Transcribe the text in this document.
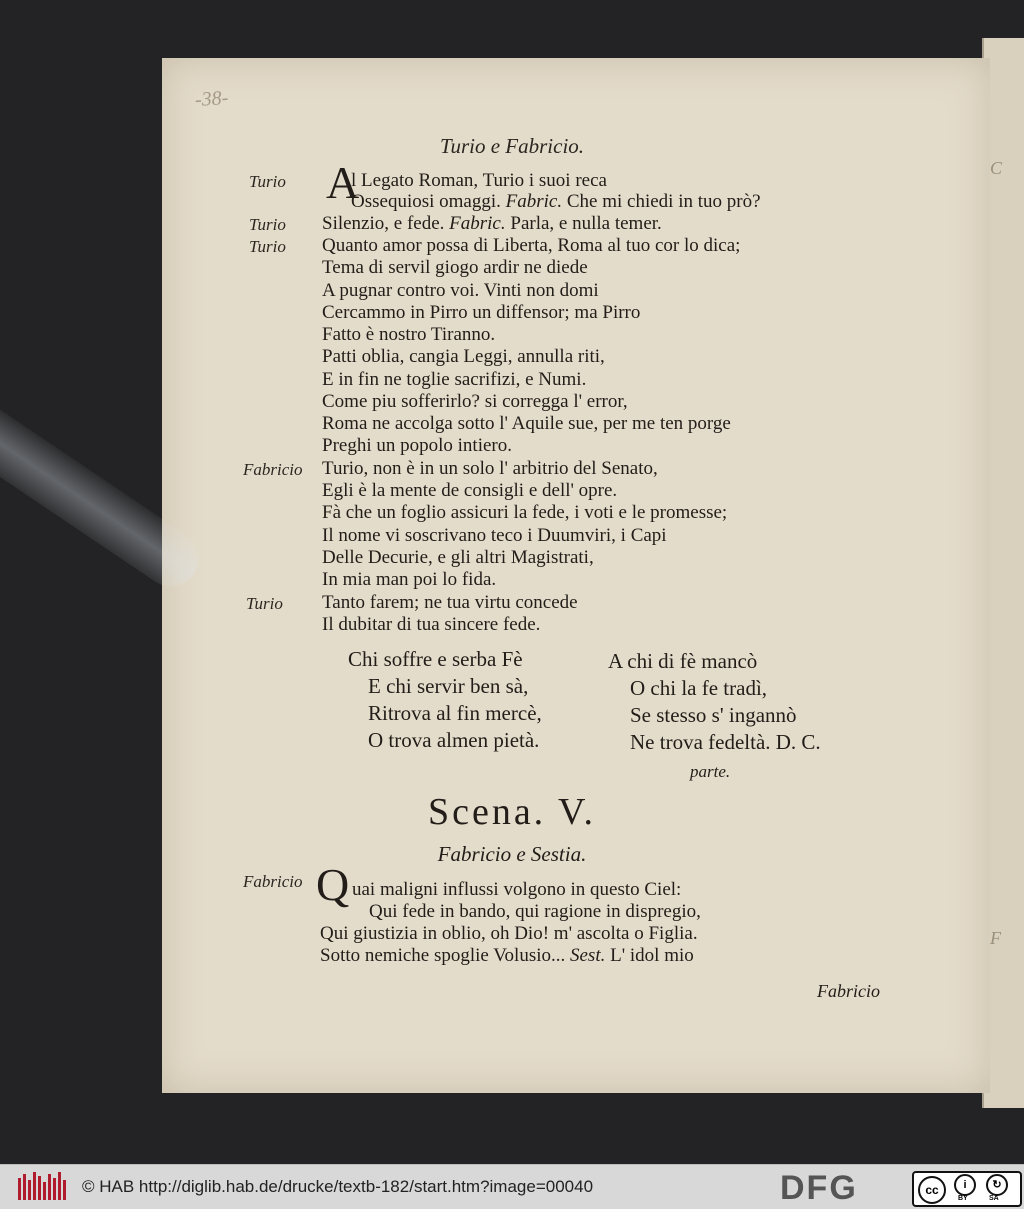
C
F
-38-
Turio e Fabricio.
Turio A
l Legato Roman, Turio i suoi reca
Ossequiosi omaggi. Fabric. Che mi chiedi in tuo prò?
Turio Silenzio, e fede. Fabric. Parla, e nulla temer.
Turio Quanto amor possa di Liberta, Roma al tuo cor lo dica;
Tema di servil giogo ardir ne diede
A pugnar contro voi. Vinti non domi
Cercammo in Pirro un diffensor; ma Pirro
Fatto è nostro Tiranno.
Patti oblia, cangia Leggi, annulla riti,
E in fin ne toglie sacrifizi, e Numi.
Come piu sofferirlo? si corregga l' error,
Roma ne accolga sotto l' Aquile sue, per me ten porge
Preghi un popolo intiero.
Fabricio Turio, non è in un solo l' arbitrio del Senato,
Egli è la mente de consigli e dell' opre.
Fà che un foglio assicuri la fede, i voti e le promesse;
Il nome vi soscrivano teco i Duumviri, i Capi
Delle Decurie, e gli altri Magistrati,
In mia man poi lo fida.
Turio Tanto farem; ne tua virtu concede
Il dubitar di tua sincere fede.
Chi soffre e serba Fè
E chi servir ben sà,
Ritrova al fin mercè,
O trova almen pietà.
A chi di fè mancò
O chi la fe tradì,
Se stesso s' ingannò
Ne trova fedeltà. D. C.
parte.
Scena. V.
Fabricio e Sestia.
Fabricio Q uai maligni influssi volgono in questo Ciel:
Qui fede in bando, qui ragione in dispregio,
Qui giustizia in oblio, oh Dio! m' ascolta o Figlia.
Sotto nemiche spoglie Volusio... Sest. L' idol mio
Fabricio
© HAB http://diglib.hab.de/drucke/textb-182/start.htm?image=00040	DFG	cc	i
BY
↻
SA
